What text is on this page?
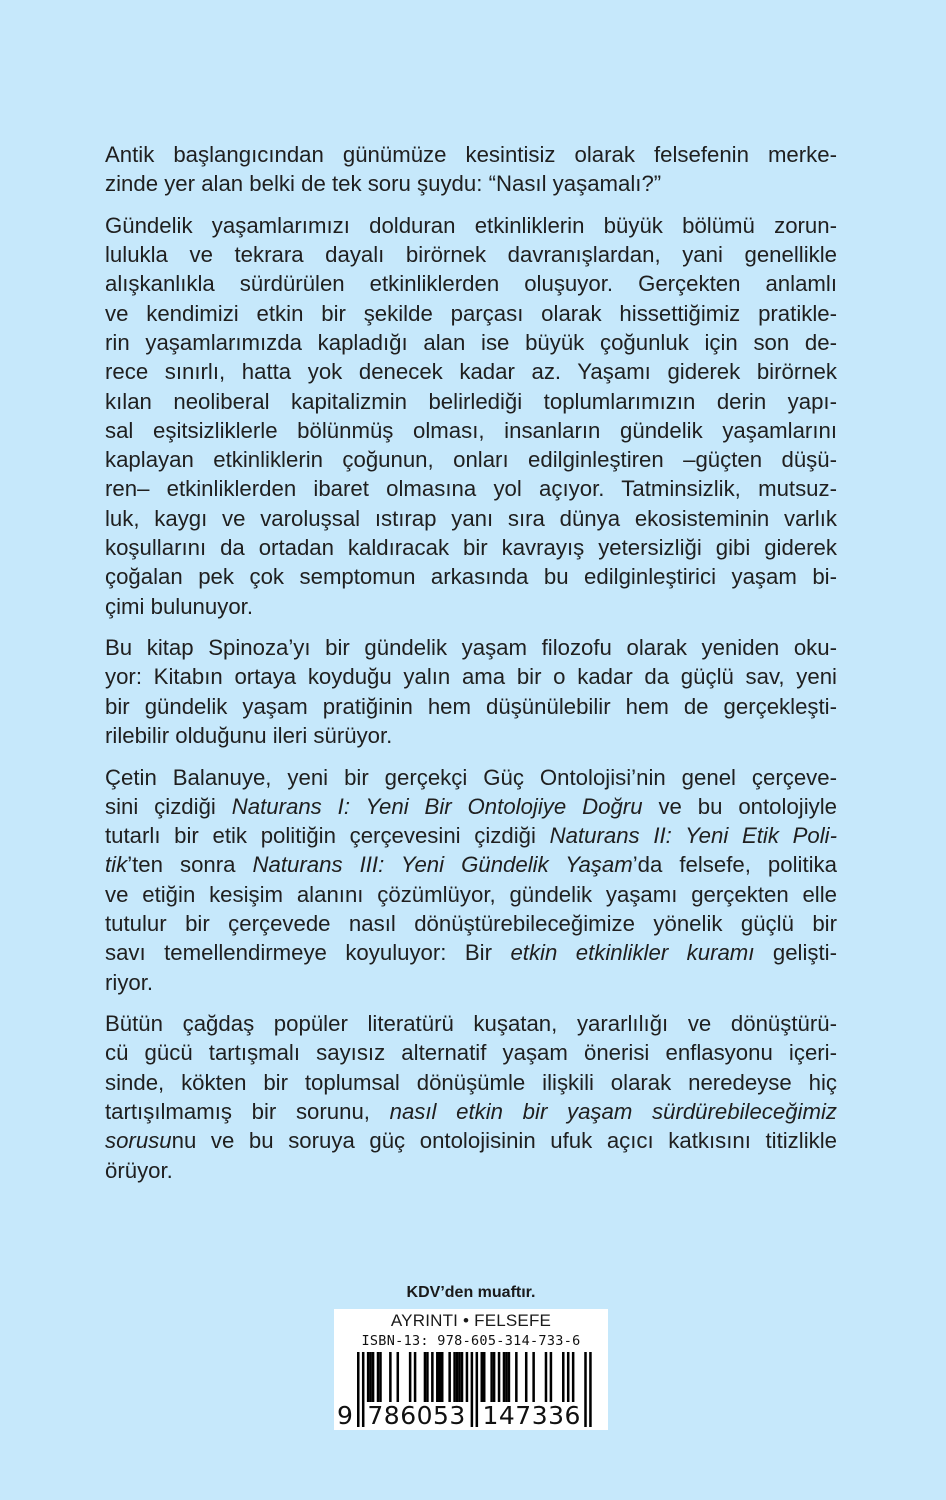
Antik başlangıcından günümüze kesintisiz olarak felsefenin merke-
zinde yer alan belki de tek soru şuydu: “Nasıl yaşamalı?”
Gündelik yaşamlarımızı dolduran etkinliklerin büyük bölümü zorun-
lulukla ve tekrara dayalı birörnek davranışlardan, yani genellikle
alışkanlıkla sürdürülen etkinliklerden oluşuyor. Gerçekten anlamlı
ve kendimizi etkin bir şekilde parçası olarak hissettiğimiz pratikle-
rin yaşamlarımızda kapladığı alan ise büyük çoğunluk için son de-
rece sınırlı, hatta yok denecek kadar az. Yaşamı giderek birörnek
kılan neoliberal kapitalizmin belirlediği toplumlarımızın derin yapı-
sal eşitsizliklerle bölünmüş olması, insanların gündelik yaşamlarını
kaplayan etkinliklerin çoğunun, onları edilginleştiren –güçten düşü-
ren– etkinliklerden ibaret olmasına yol açıyor. Tatminsizlik, mutsuz-
luk, kaygı ve varoluşsal ıstırap yanı sıra dünya ekosisteminin varlık
koşullarını da ortadan kaldıracak bir kavrayış yetersizliği gibi giderek
çoğalan pek çok semptomun arkasında bu edilginleştirici yaşam bi-
çimi bulunuyor.
Bu kitap Spinoza’yı bir gündelik yaşam filozofu olarak yeniden oku-
yor: Kitabın ortaya koyduğu yalın ama bir o kadar da güçlü sav, yeni
bir gündelik yaşam pratiğinin hem düşünülebilir hem de gerçekleşti-
rilebilir olduğunu ileri sürüyor.
Çetin Balanuye, yeni bir gerçekçi Güç Ontolojisi’nin genel çerçeve-
sini çizdiği Naturans I: Yeni Bir Ontolojiye Doğru ve bu ontolojiyle
tutarlı bir etik politiğin çerçevesini çizdiği Naturans II: Yeni Etik Poli-
tik’ten sonra Naturans III: Yeni Gündelik Yaşam’da felsefe, politika
ve etiğin kesişim alanını çözümlüyor, gündelik yaşamı gerçekten elle
tutulur bir çerçevede nasıl dönüştürebileceğimize yönelik güçlü bir
savı temellendirmeye koyuluyor: Bir etkin etkinlikler kuramı gelişti-
riyor.
Bütün çağdaş popüler literatürü kuşatan, yararlılığı ve dönüştürü-
cü gücü tartışmalı sayısız alternatif yaşam önerisi enflasyonu içeri-
sinde, kökten bir toplumsal dönüşümle ilişkili olarak neredeyse hiç
tartışılmamış bir sorunu, nasıl etkin bir yaşam sürdürebileceğimiz
sorusunu ve bu soruya güç ontolojisinin ufuk açıcı katkısını titizlikle
örüyor.
KDV’den muaftır.
AYRINTI • FELSEFE
ISBN-13: 978-605-314-733-6
9 786053 147336
